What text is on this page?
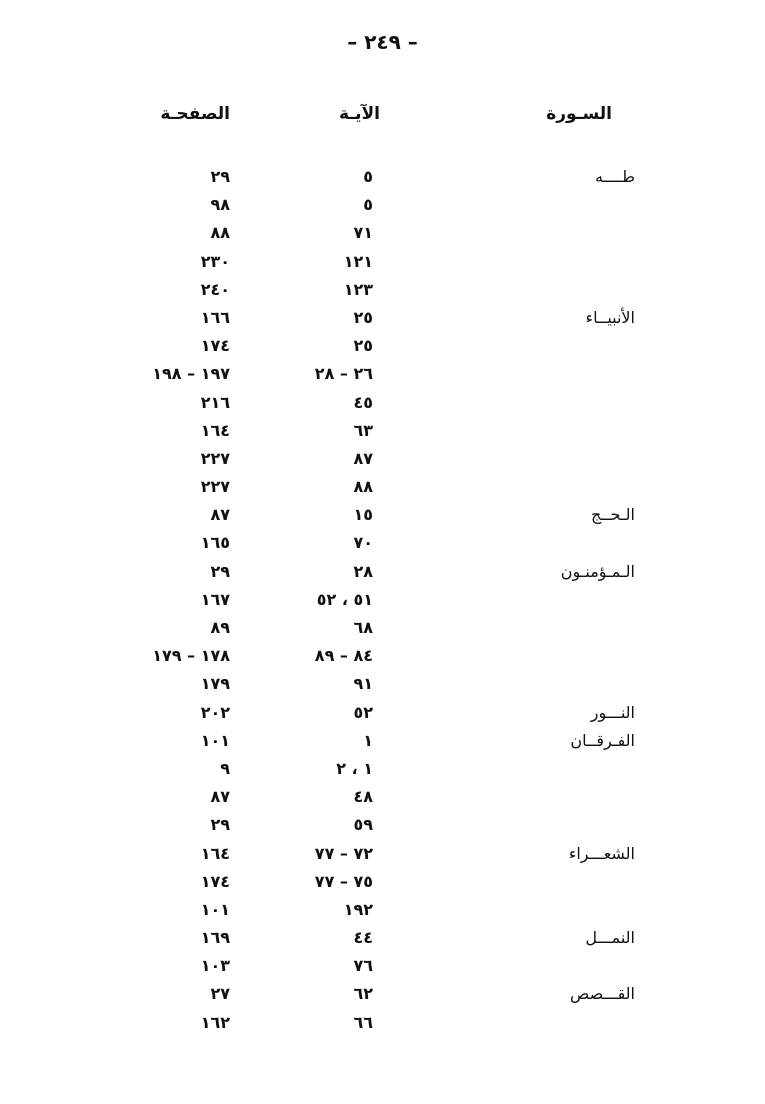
– ٢٤٩ –
السـورة
الآيـة
الصفحـة
طــــه
٥
٢٩
٥
٩٨
٧١
٨٨
١٢١
٢٣٠
١٢٣
٢٤٠
الأنبيــاء
٢٥
١٦٦
٢٥
١٧٤
٢٦ – ٢٨
١٩٧ – ١٩٨
٤٥
٢١٦
٦٣
١٦٤
٨٧
٢٢٧
٨٨
٢٢٧
الـحــج
١٥
٨٧
٧٠
١٦٥
الـمـؤمنـون
٢٨
٢٩
٥١ ، ٥٢
١٦٧
٦٨
٨٩
٨٤ – ٨٩
١٧٨ – ١٧٩
٩١
١٧٩
النـــور
٥٢
٢٠٢
الفـرقــان
١
١٠١
١ ، ٢
٩
٤٨
٨٧
٥٩
٢٩
الشعـــراء
٧٢ – ٧٧
١٦٤
٧٥ – ٧٧
١٧٤
١٩٢
١٠١
النمـــل
٤٤
١٦٩
٧٦
١٠٣
القـــصص
٦٢
٢٧
٦٦
١٦٢
